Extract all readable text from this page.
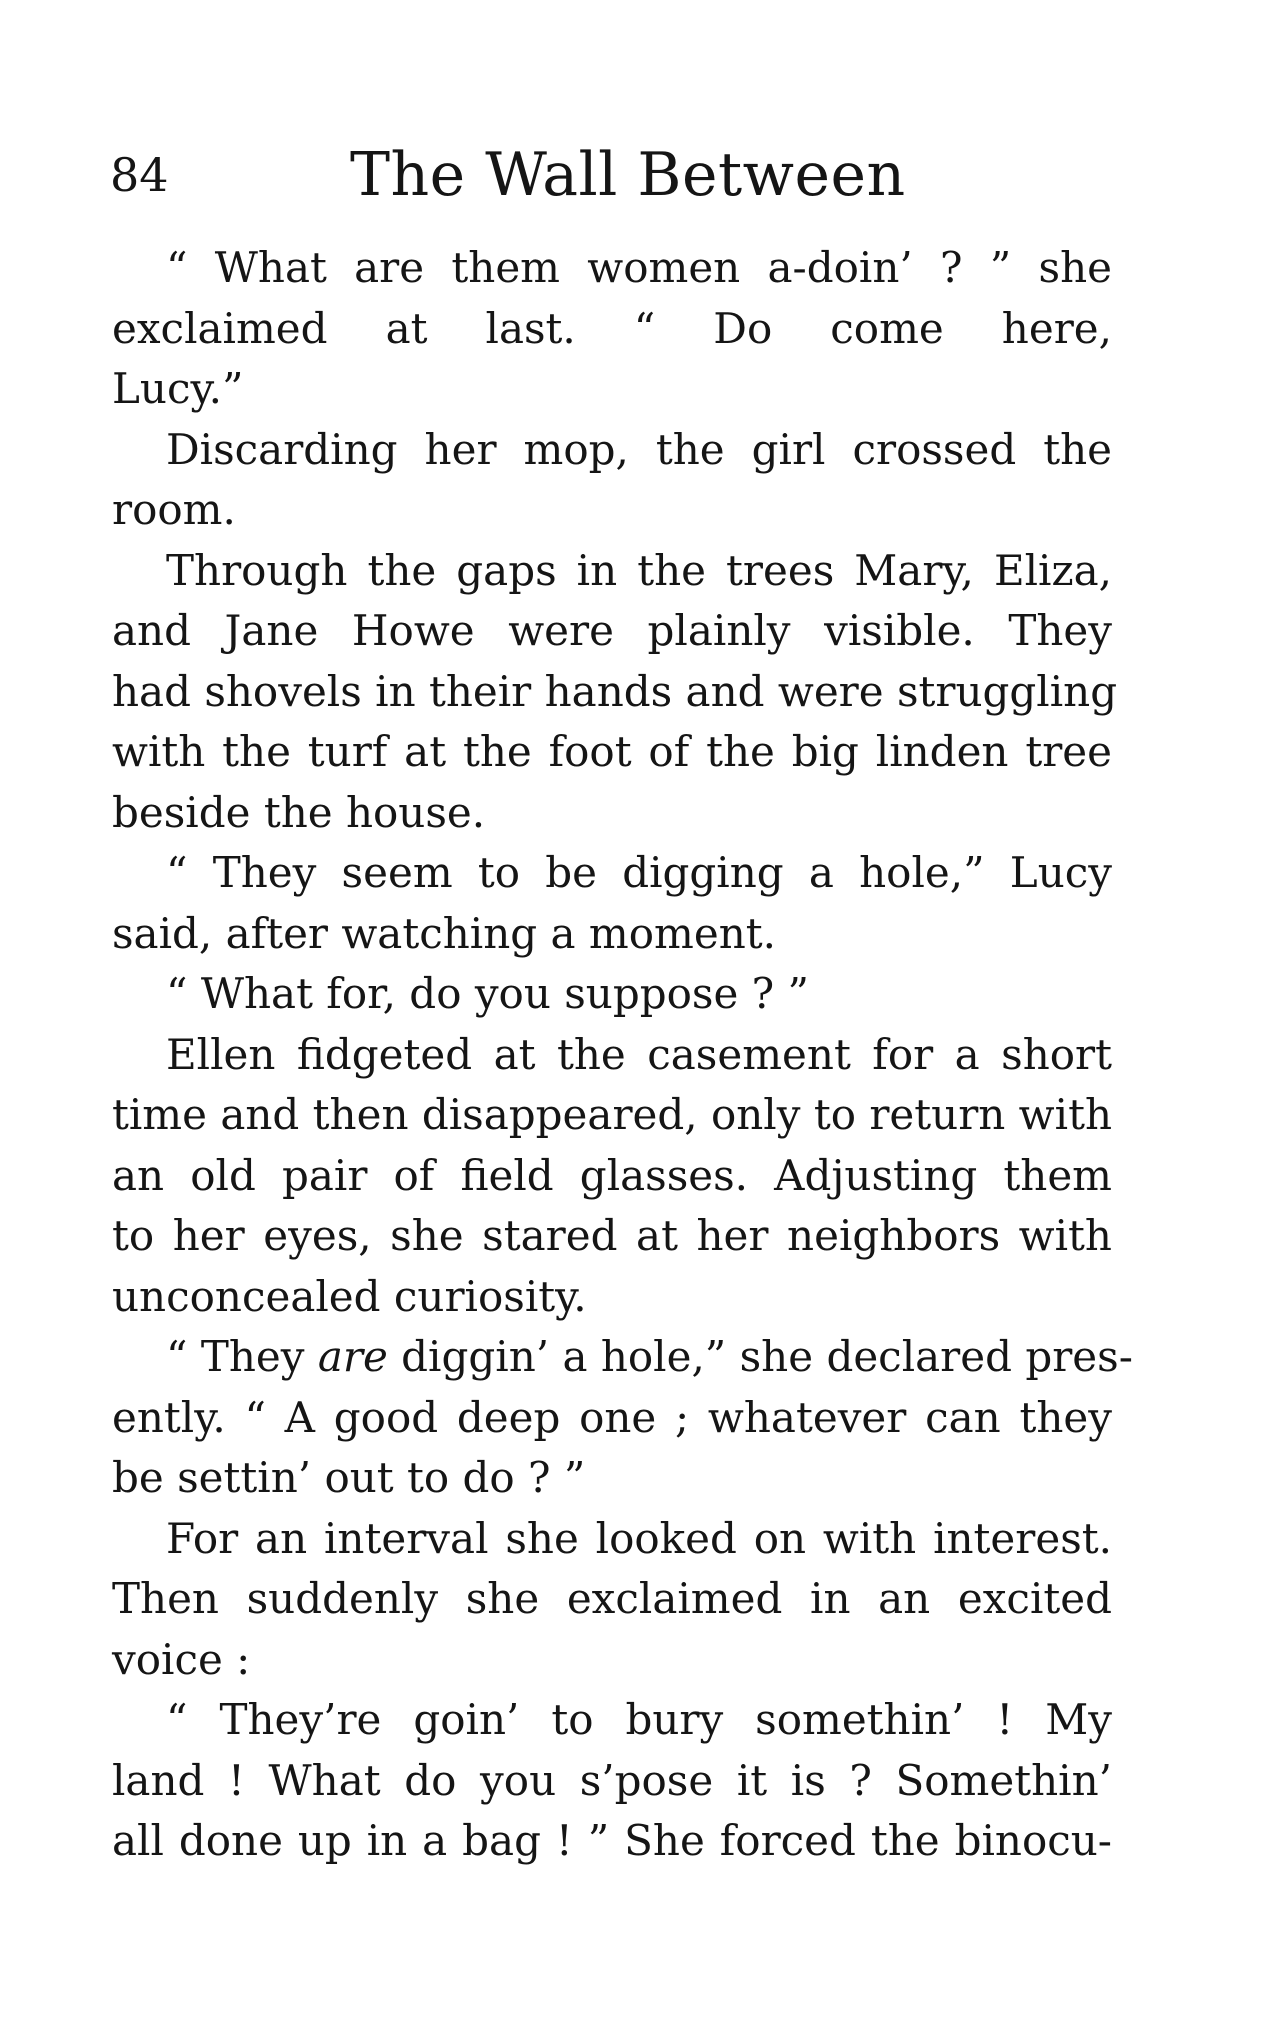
84	The Wall Between
“ What are them women a-doin’ ? ” she
exclaimed at last. “ Do come here,
Lucy.”
Discarding her mop, the girl crossed the
room.
Through the gaps in the trees Mary, Eliza,
and Jane Howe were plainly visible. They
had shovels in their hands and were struggling
with the turf at the foot of the big linden tree
beside the house.
“ They seem to be digging a hole,” Lucy
said, after watching a moment.
“ What for, do you suppose ? ”
Ellen fidgeted at the casement for a short
time and then disappeared, only to return with
an old pair of field glasses. Adjusting them
to her eyes, she stared at her neighbors with
unconcealed curiosity.
“ They are diggin’ a hole,” she declared pres-
ently. “ A good deep one ; whatever can they
be settin’ out to do ? ”
For an interval she looked on with interest.
Then suddenly she exclaimed in an excited
voice :
“ They’re goin’ to bury somethin’ ! My
land ! What do you s’pose it is ? Somethin’
all done up in a bag ! ” She forced the binocu-
